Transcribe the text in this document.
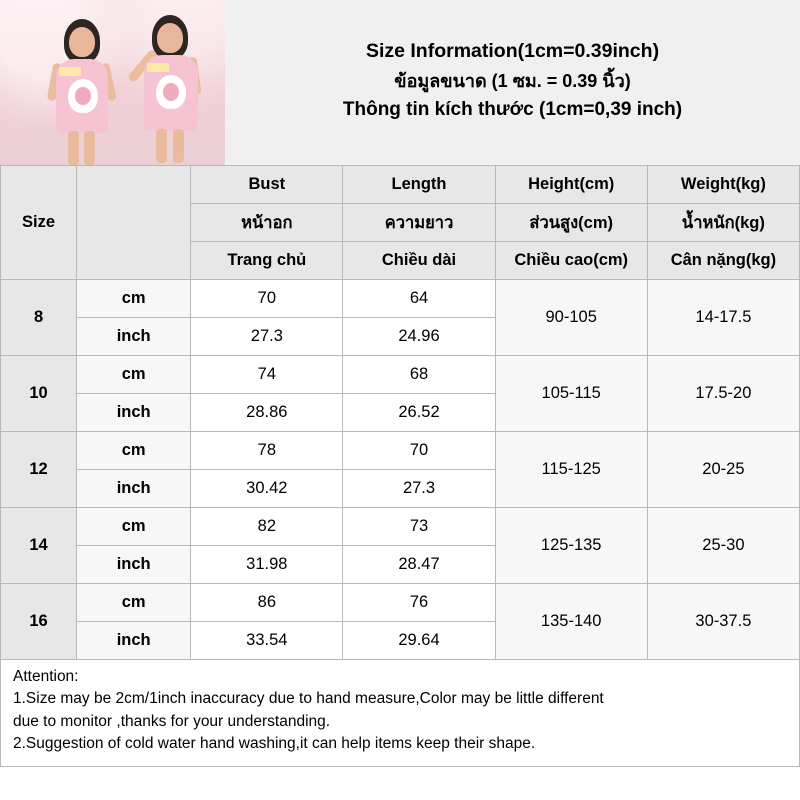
Size Information(1cm=0.39inch)
ข้อมูลขนาด (1 ซม. = 0.39 นิ้ว)
Thông tin kích thước (1cm=0,39 inch)
Size		Bust	Length	Height(cm)	Weight(kg)
		หน้าอก	ความยาว	ส่วนสูง(cm)	น้ำหนัก(kg)
		Trang chủ	Chiều dài	Chiều cao(cm)	Cân nặng(kg)
8	cm	70	64	90-105	14-17.5
	inch	27.3	24.96		
10	cm	74	68	105-115	17.5-20
	inch	28.86	26.52		
12	cm	78	70	115-125	20-25
	inch	30.42	27.3		
14	cm	82	73	125-135	25-30
	inch	31.98	28.47		
16	cm	86	76	135-140	30-37.5
	inch	33.54	29.64		
Attention:
1.Size may be 2cm/1inch inaccuracy due to hand measure,Color may be little different
due to monitor ,thanks for your understanding.
2.Suggestion of cold water hand washing,it can help items keep their shape.
